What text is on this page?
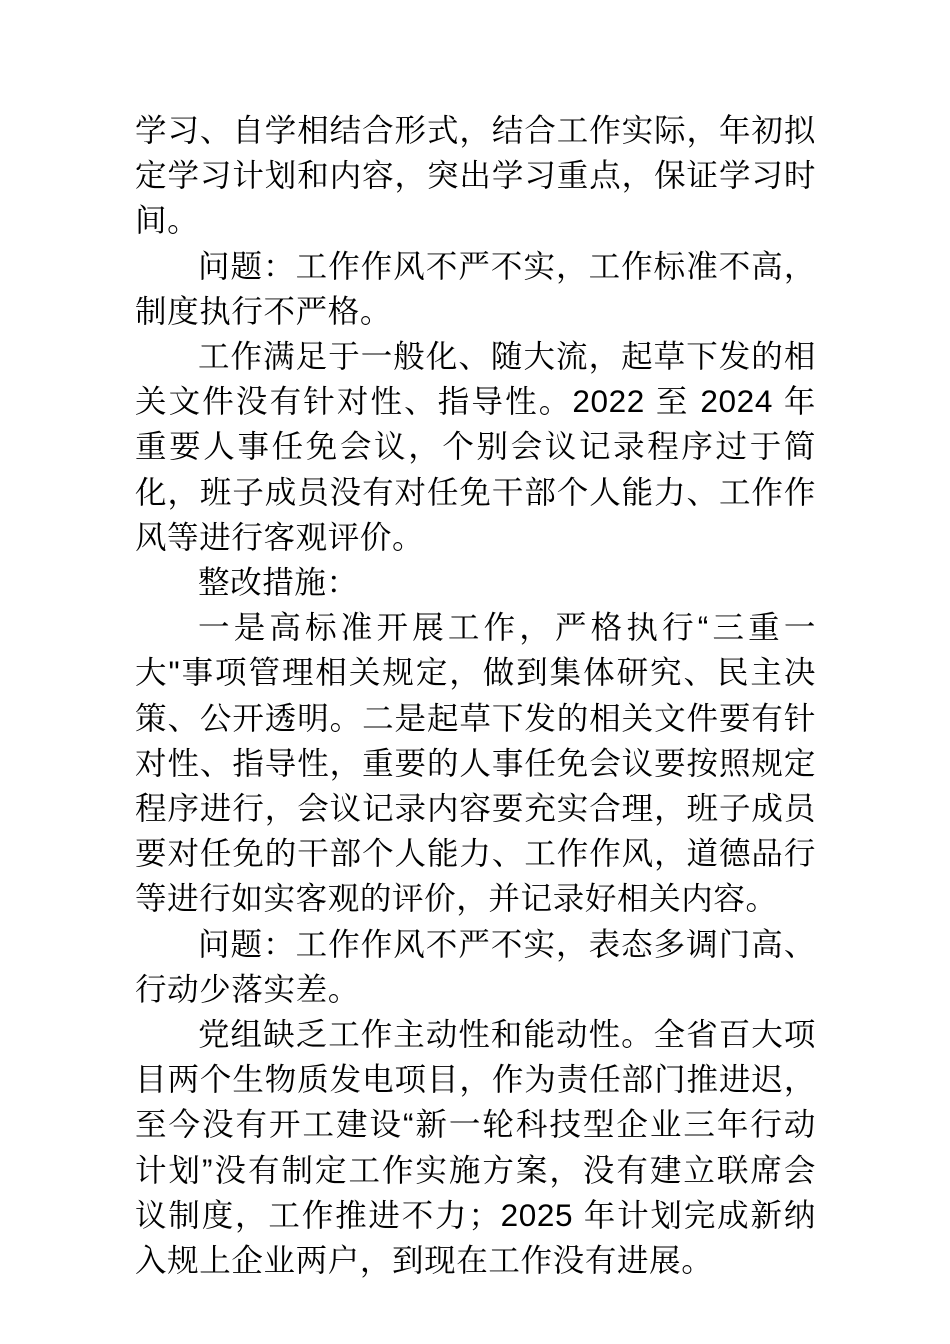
学习、自学相结合形式，结合工作实际，年初拟定学习计划和内容，突出学习重点，保证学习时间。

问题：工作作风不严不实，工作标准不高，制度执行不严格。

工作满足于一般化、随大流，起草下发的相关文件没有针对性、指导性。2022 至 2024 年重要人事任免会议，个别会议记录程序过于简化，班子成员没有对任免干部个人能力、工作作风等进行客观评价。

整改措施：

一是高标准开展工作，严格执行“三重一大"事项管理相关规定，做到集体研究、民主决策、公开透明。二是起草下发的相关文件要有针对性、指导性，重要的人事任免会议要按照规定程序进行，会议记录内容要充实合理，班子成员要对任免的干部个人能力、工作作风，道德品行等进行如实客观的评价，并记录好相关内容。

问题：工作作风不严不实，表态多调门高、行动少落实差。

党组缺乏工作主动性和能动性。全省百大项目两个生物质发电项目，作为责任部门推进迟，至今没有开工建设“新一轮科技型企业三年行动计划”没有制定工作实施方案，没有建立联席会议制度，工作推进不力；2025 年计划完成新纳入规上企业两户，到现在工作没有进展。
